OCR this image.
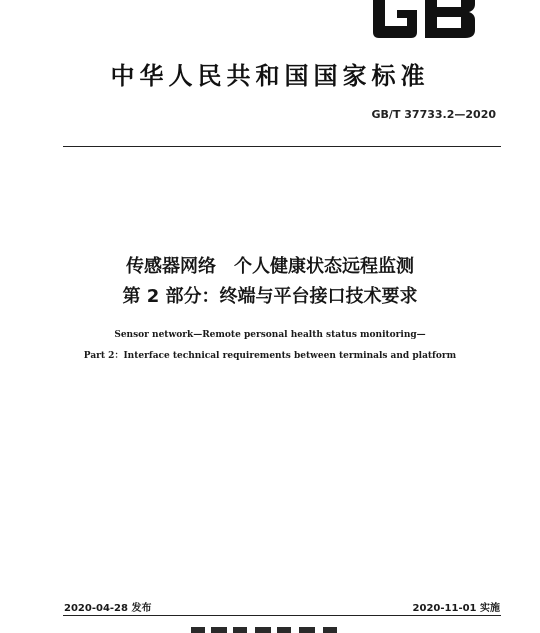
中华人民共和国国家标准
GB/T 37733.2—2020
传感器网络　个人健康状态远程监测
第 2 部分：终端与平台接口技术要求
Sensor network—Remote personal health status monitoring—
Part 2：Interface technical requirements between terminals and platform
2020-04-28 发布	2020-11-01 实施
